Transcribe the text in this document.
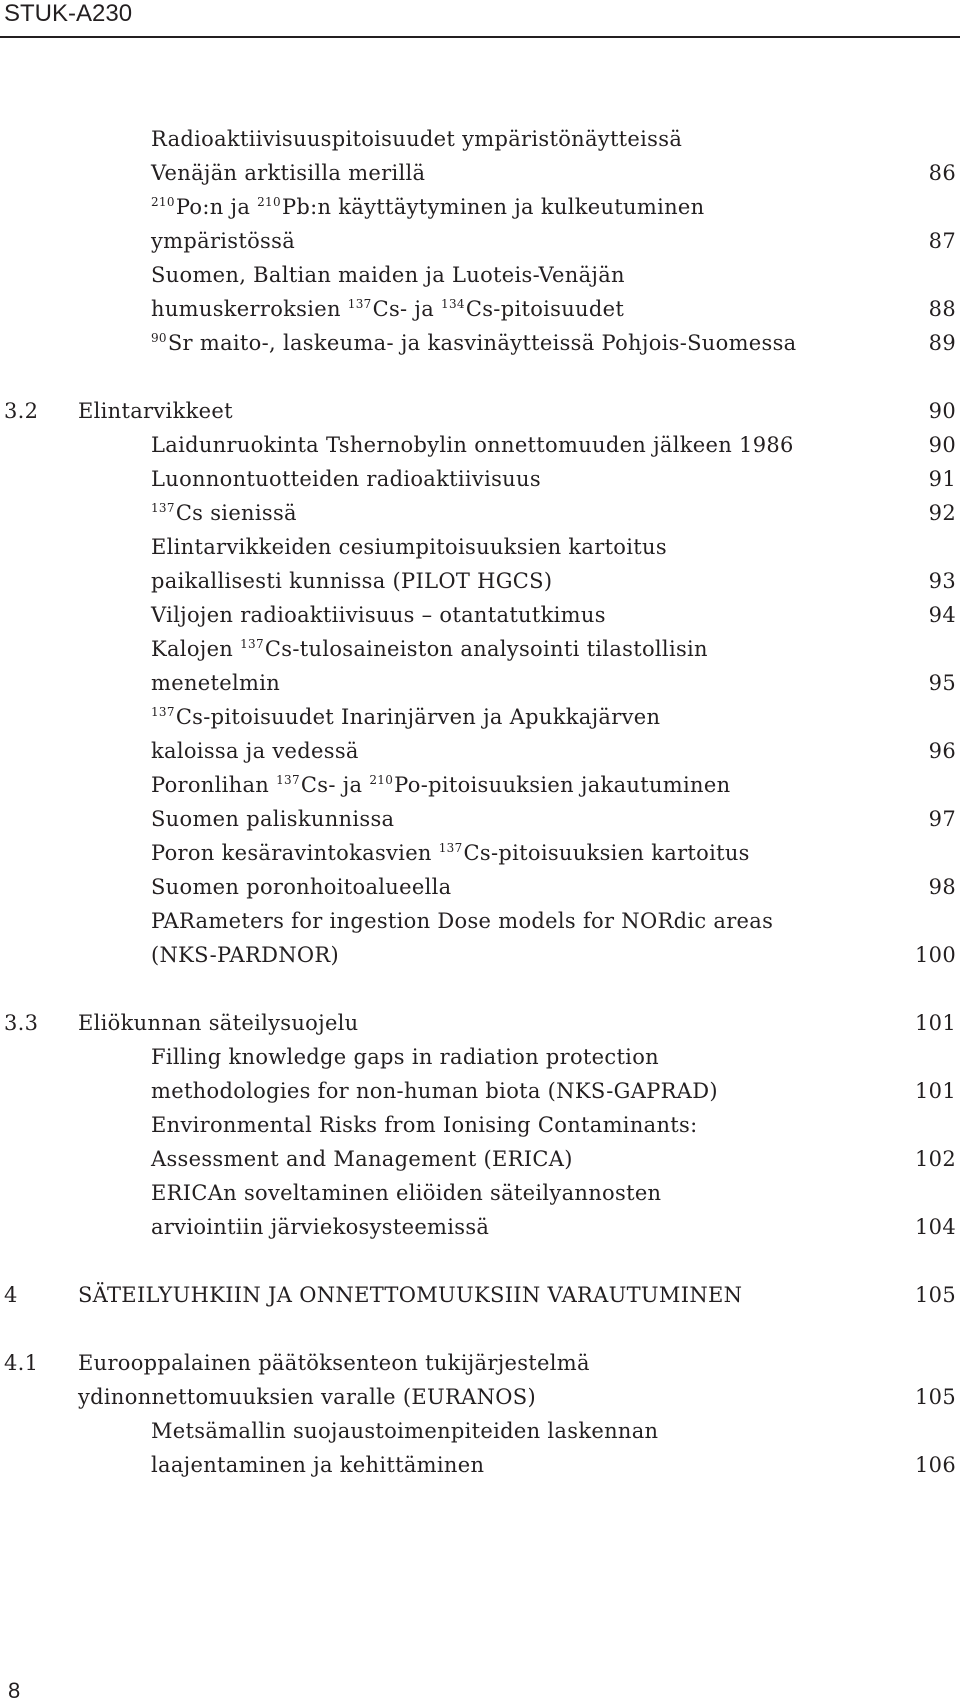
STUK-A230
Radioaktiivisuuspitoisuudet ympäristönäytteissä
Venäjän arktisilla merillä	86
$^{210}$Po:n ja $^{210}$Pb:n käyttäytyminen ja kulkeutuminen
ympäristössä	87
Suomen, Baltian maiden ja Luoteis-Venäjän
humuskerroksien $^{137}$Cs- ja $^{134}$Cs-pitoisuudet	88
$^{90}$Sr maito-, laskeuma- ja kasvinäytteissä Pohjois-Suomessa	89
3.2 Elintarvikkeet	90
Laidunruokinta Tshernobylin onnettomuuden jälkeen 1986	90
Luonnontuotteiden radioaktiivisuus	91
$^{137}$Cs sienissä	92
Elintarvikkeiden cesiumpitoisuuksien kartoitus
paikallisesti kunnissa (PILOT HGCS)	93
Viljojen radioaktiivisuus – otantatutkimus	94
Kalojen $^{137}$Cs-tulosaineiston analysointi tilastollisin
menetelmin	95
$^{137}$Cs-pitoisuudet Inarinjärven ja Apukkajärven
kaloissa ja vedessä	96
Poronlihan $^{137}$Cs- ja $^{210}$Po-pitoisuuksien jakautuminen
Suomen paliskunnissa	97
Poron kesäravintokasvien $^{137}$Cs-pitoisuuksien kartoitus
Suomen poronhoitoalueella	98
PARameters for ingestion Dose models for NORdic areas
(NKS-PARDNOR)	100
3.3 Eliökunnan säteilysuojelu	101
Filling knowledge gaps in radiation protection
methodologies for non-human biota (NKS-GAPRAD)	101
Environmental Risks from Ionising Contaminants:
Assessment and Management (ERICA)	102
ERICAn soveltaminen eliöiden säteilyannosten
arviointiin järviekosysteemissä	104
4	SÄTEILYUHKIIN JA ONNETTOMUUKSIIN VARAUTUMINEN	105
4.1 Eurooppalainen päätöksenteon tukijärjestelmä
ydinonnettomuuksien varalle (EURANOS)	105
Metsämallin suojaustoimenpiteiden laskennan
laajentaminen ja kehittäminen	106
8
